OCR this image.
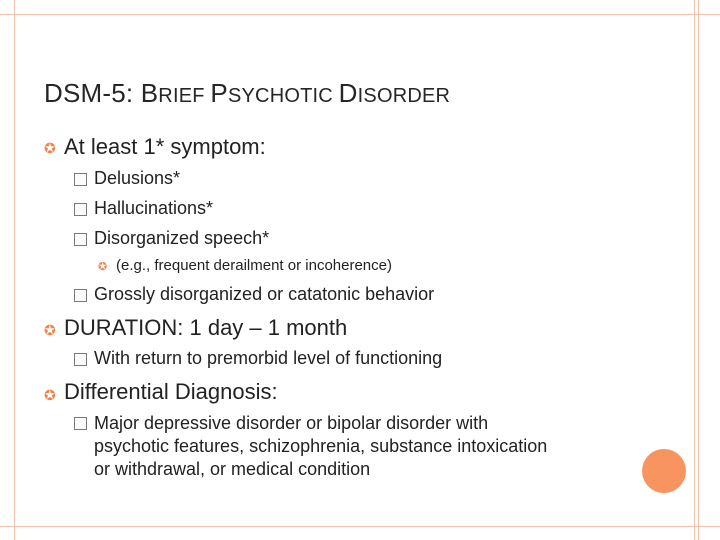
DSM-5: BRIEF PSYCHOTIC DISORDER
✪ At least 1* symptom:
Delusions*
Hallucinations*
Disorganized speech*
✪ (e.g., frequent derailment or incoherence)
Grossly disorganized or catatonic behavior
✪ DURATION: 1 day – 1 month
With return to premorbid level of functioning
✪ Differential Diagnosis:
Major depressive disorder or bipolar disorder with psychotic features, schizophrenia, substance intoxication or withdrawal, or medical condition
